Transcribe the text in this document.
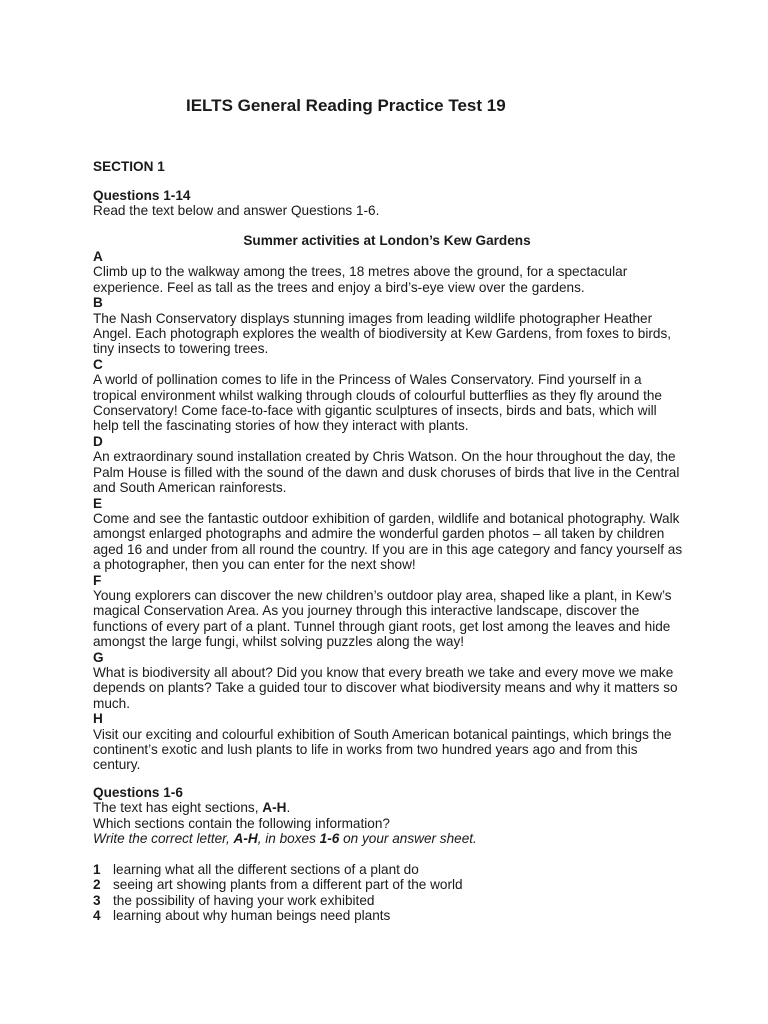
IELTS General Reading Practice Test 19

SECTION 1

Questions 1-14
Read the text below and answer Questions 1-6.

Summer activities at London’s Kew Gardens

A

Climb up to the walkway among the trees, 18 metres above the ground, for a spectacular experience. Feel as tall as the trees and enjoy a bird’s-eye view over the gardens.

B

The Nash Conservatory displays stunning images from leading wildlife photographer Heather Angel. Each photograph explores the wealth of biodiversity at Kew Gardens, from foxes to birds, tiny insects to towering trees.

C

A world of pollination comes to life in the Princess of Wales Conservatory. Find yourself in a tropical environment whilst walking through clouds of colourful butterflies as they fly around the Conservatory! Come face-to-face with gigantic sculptures of insects, birds and bats, which will help tell the fascinating stories of how they interact with plants.

D

An extraordinary sound installation created by Chris Watson. On the hour throughout the day, the Palm House is filled with the sound of the dawn and dusk choruses of birds that live in the Central and South American rainforests.

E

Come and see the fantastic outdoor exhibition of garden, wildlife and botanical photography. Walk amongst enlarged photographs and admire the wonderful garden photos – all taken by children aged 16 and under from all round the country. If you are in this age category and fancy yourself as a photographer, then you can enter for the next show!

F

Young explorers can discover the new children’s outdoor play area, shaped like a plant, in Kew’s magical Conservation Area. As you journey through this interactive landscape, discover the functions of every part of a plant. Tunnel through giant roots, get lost among the leaves and hide amongst the large fungi, whilst solving puzzles along the way!

G

What is biodiversity all about? Did you know that every breath we take and every move we make depends on plants? Take a guided tour to discover what biodiversity means and why it matters so much.

H

Visit our exciting and colourful exhibition of South American botanical paintings, which brings the continent’s exotic and lush plants to life in works from two hundred years ago and from this century.

Questions 1-6
The text has eight sections, A-H.
Which sections contain the following information?
Write the correct letter, A-H, in boxes 1-6 on your answer sheet.
1 learning what all the different sections of a plant do
2 seeing art showing plants from a different part of the world
3 the possibility of having your work exhibited
4 learning about why human beings need plants
